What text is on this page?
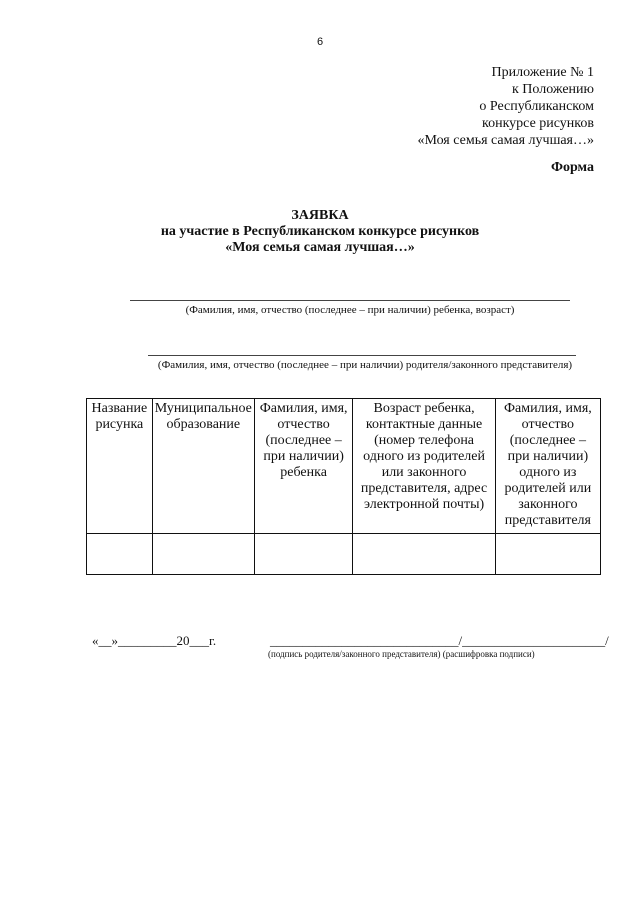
6
Приложение № 1
к Положению
о Республиканском
конкурсе рисунков
«Моя семья самая лучшая…»
Форма
ЗАЯВКА
на участие в Республиканском конкурсе рисунков
«Моя семья самая лучшая…»
(Фамилия, имя, отчество (последнее – при наличии) ребенка, возраст)
(Фамилия, имя, отчество (последнее – при наличии) родителя/законного представителя)
Название рисунка	Муниципальное образование	Фамилия, имя, отчество (последнее – при наличии) ребенка	Возраст ребенка, контактные данные (номер телефона одного из родителей или законного представителя, адрес электронной почты)	Фамилия, имя, отчество (последнее – при наличии) одного из родителей или законного представителя

«__»_________20___г.	_____________________________/______________________/
(подпись родителя/законного представителя) (расшифровка подписи)
